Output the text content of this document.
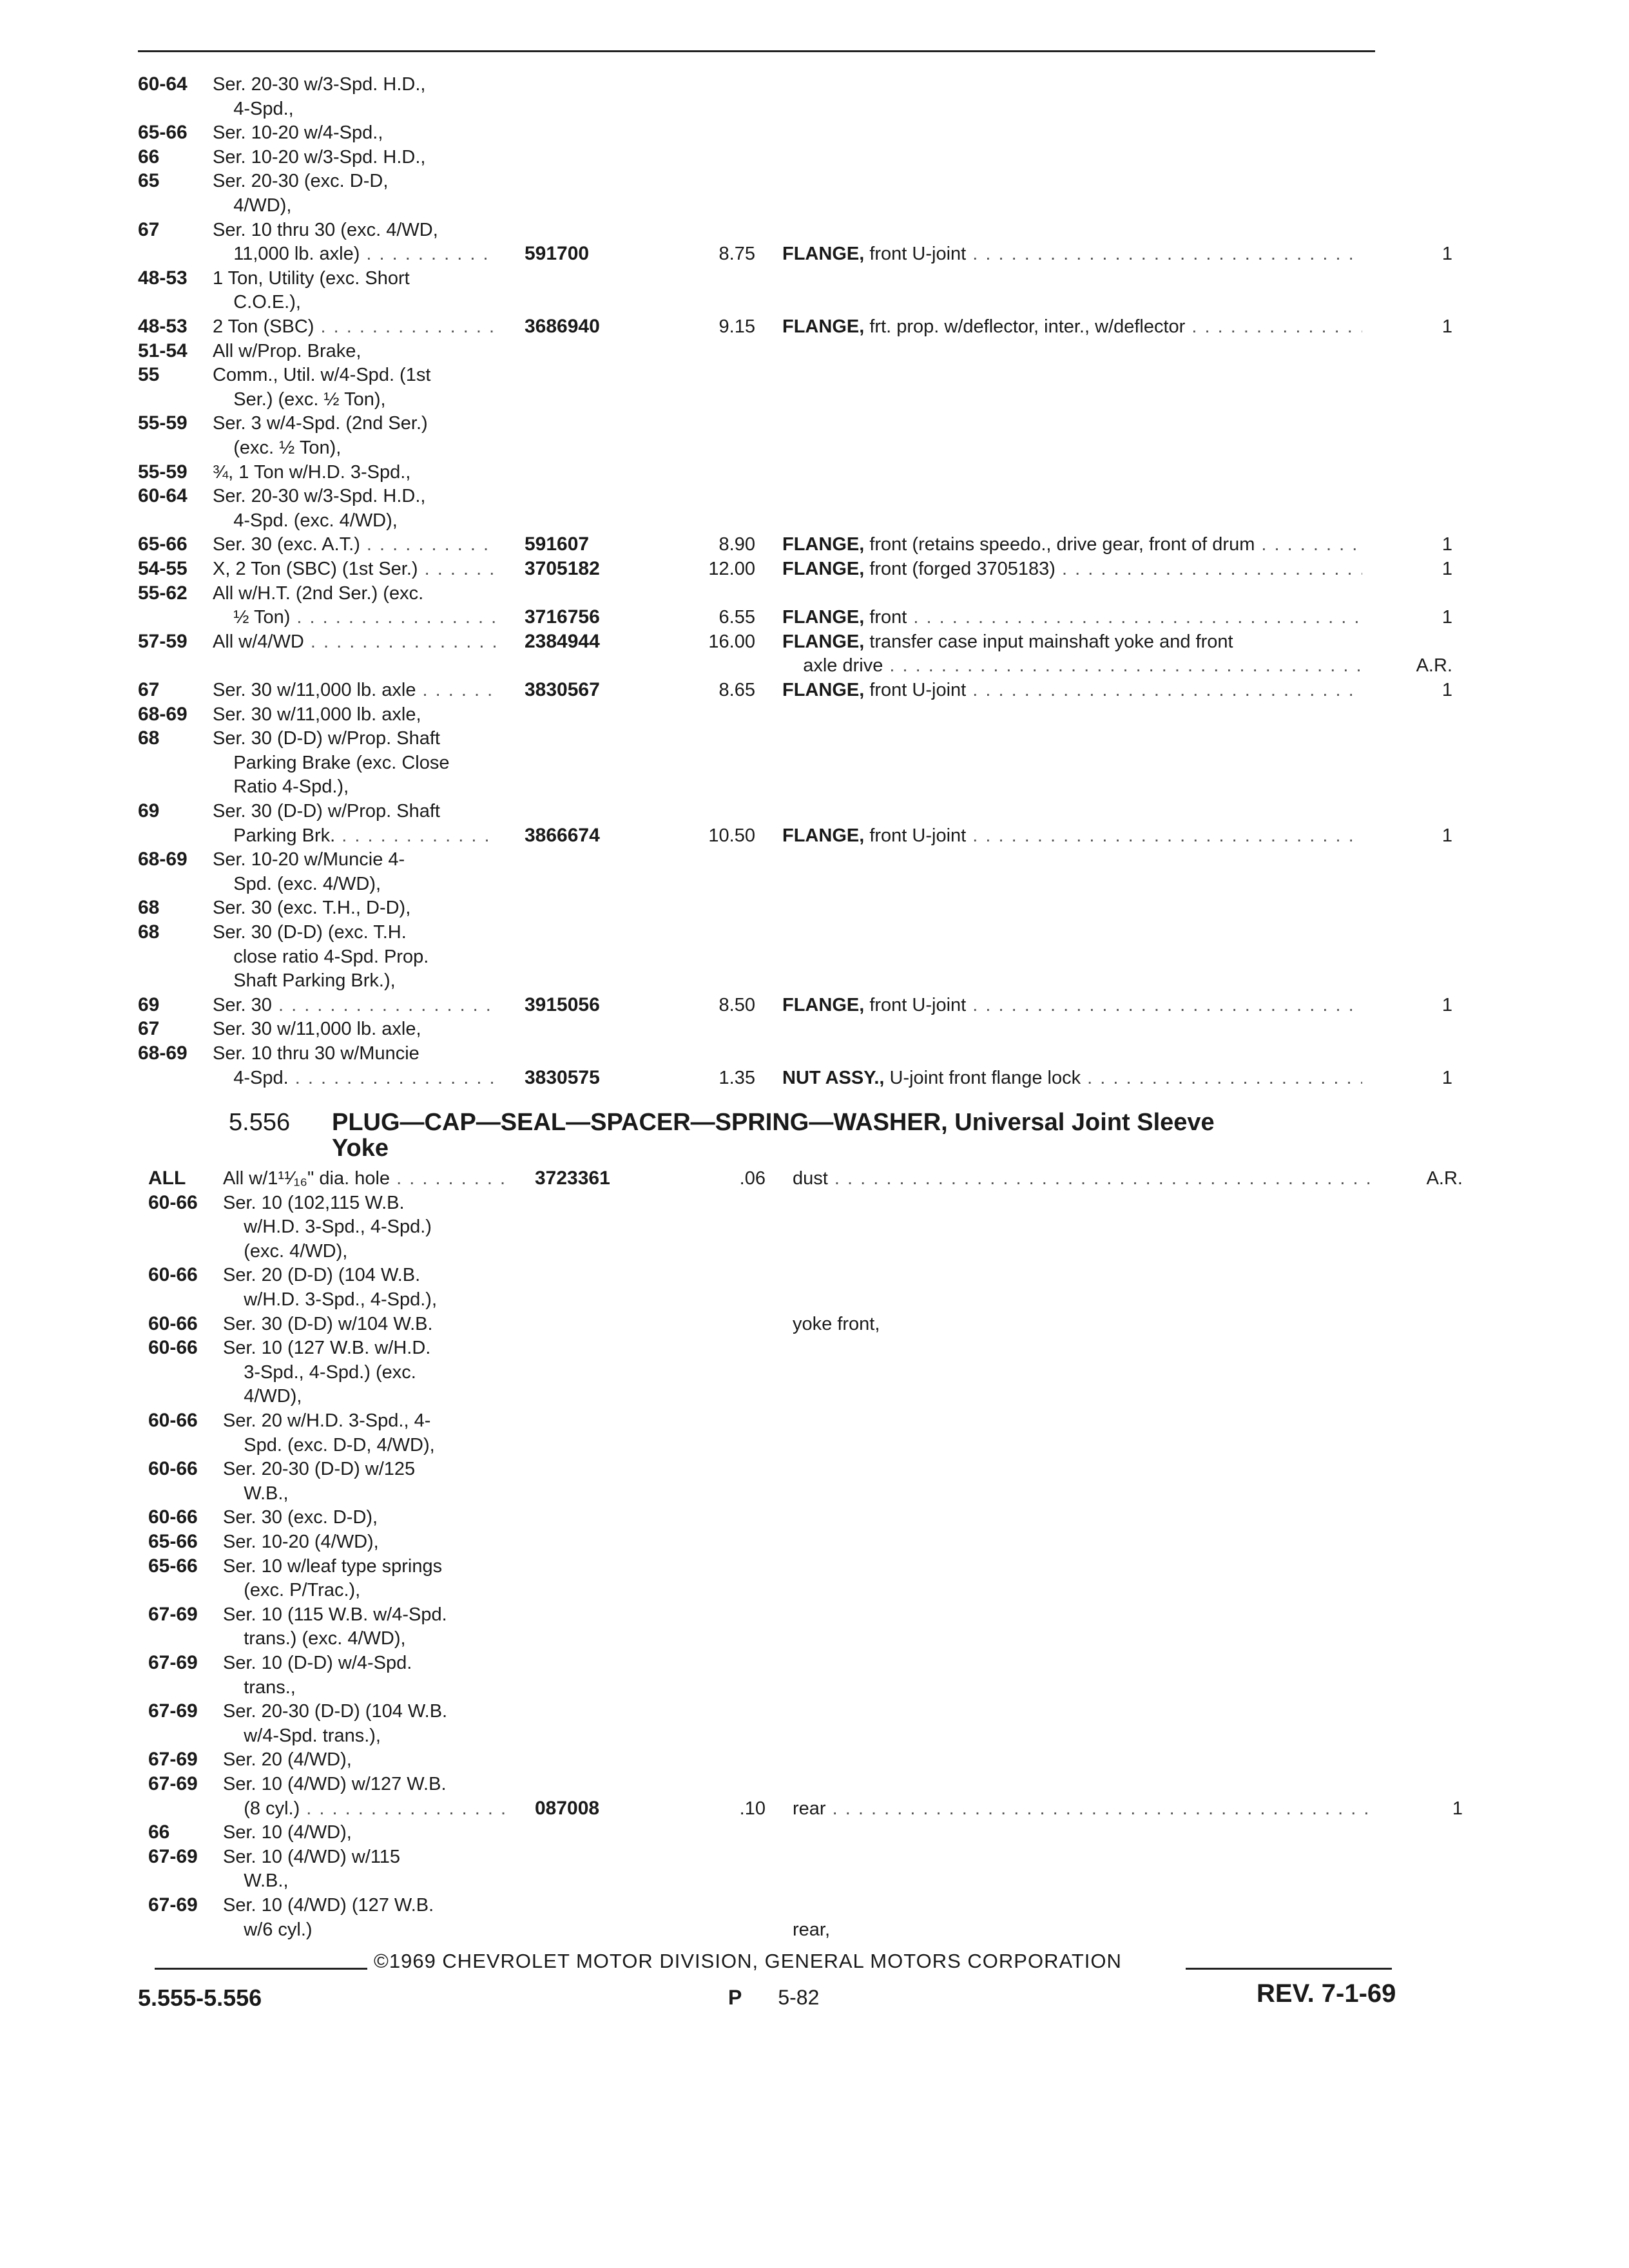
60-64 Ser. 20-30 w/3-Spd. H.D.,
4-Spd.,
65-66 Ser. 10-20 w/4-Spd.,
66	Ser. 10-20 w/3-Spd. H.D.,
65	Ser. 20-30 (exc. D-D,
4/WD),
67	Ser. 10 thru 30 (exc. 4/WD,
11,000 lb. axle) . . .	591700	8.75 FLANGE, front U-joint . . .	1
48-53 1 Ton, Utility (exc. Short
C.O.E.),
48-53 2 Ton (SBC) . . .	3686940	9.15 FLANGE, frt. prop. w/deflector, inter., w/deflector . . .	1
51-54 All w/Prop. Brake,
55	Comm., Util. w/4-Spd. (1st
Ser.) (exc. ½ Ton),
55-59 Ser. 3 w/4-Spd. (2nd Ser.)
(exc. ½ Ton),
55-59 ¾, 1 Ton w/H.D. 3-Spd.,
60-64 Ser. 20-30 w/3-Spd. H.D.,
4-Spd. (exc. 4/WD),
65-66 Ser. 30 (exc. A.T.) . . .	591607	8.90 FLANGE, front (retains speedo., drive gear, front of drum . . .	1
54-55 X, 2 Ton (SBC) (1st Ser.) . . .	3705182	12.00 FLANGE, front (forged 3705183) . . .	1
55-62 All w/H.T. (2nd Ser.) (exc.
½ Ton) . . .	3716756	6.55 FLANGE, front . . .	1
57-59 All w/4/WD . . .	2384944	16.00 FLANGE, transfer case input mainshaft yoke and front
axle drive . . .	A.R.
67	Ser. 30 w/11,000 lb. axle . . .	3830567	8.65 FLANGE, front U-joint . . .	1
68-69 Ser. 30 w/11,000 lb. axle,
68	Ser. 30 (D-D) w/Prop. Shaft
Parking Brake (exc. Close
Ratio 4-Spd.),
69	Ser. 30 (D-D) w/Prop. Shaft
Parking Brk. . . .	3866674	10.50 FLANGE, front U-joint . . .	1
68-69 Ser. 10-20 w/Muncie 4-
Spd. (exc. 4/WD),
68	Ser. 30 (exc. T.H., D-D),
68	Ser. 30 (D-D) (exc. T.H.
close ratio 4-Spd. Prop.
Shaft Parking Brk.),
69	Ser. 30 . . .	3915056	8.50 FLANGE, front U-joint . . .	1
67	Ser. 30 w/11,000 lb. axle,
68-69 Ser. 10 thru 30 w/Muncie
4-Spd. . . .	3830575	1.35 NUT ASSY., U-joint front flange lock . . .	1
5.556 PLUG—CAP—SEAL—SPACER—SPRING—WASHER, Universal Joint Sleeve
Yoke
ALL All w/1¹¹⁄₁₆" dia. hole . . .	3723361	.06 dust . . .	A.R.
60-66 Ser. 10 (102,115 W.B.
w/H.D. 3-Spd., 4-Spd.)
(exc. 4/WD),
60-66 Ser. 20 (D-D) (104 W.B.
w/H.D. 3-Spd., 4-Spd.),
60-66 Ser. 30 (D-D) w/104 W.B.	yoke front,
60-66 Ser. 10 (127 W.B. w/H.D.
3-Spd., 4-Spd.) (exc.
4/WD),
60-66 Ser. 20 w/H.D. 3-Spd., 4-
Spd. (exc. D-D, 4/WD),
60-66 Ser. 20-30 (D-D) w/125
W.B.,
60-66 Ser. 30 (exc. D-D),
65-66 Ser. 10-20 (4/WD),
65-66 Ser. 10 w/leaf type springs
(exc. P/Trac.),
67-69 Ser. 10 (115 W.B. w/4-Spd.
trans.) (exc. 4/WD),
67-69 Ser. 10 (D-D) w/4-Spd.
trans.,
67-69 Ser. 20-30 (D-D) (104 W.B.
w/4-Spd. trans.),
67-69 Ser. 20 (4/WD),
67-69 Ser. 10 (4/WD) w/127 W.B.
(8 cyl.) . . .	087008	.10 rear . . .	1
66	Ser. 10 (4/WD),
67-69 Ser. 10 (4/WD) w/115
W.B.,
67-69 Ser. 10 (4/WD) (127 W.B.
w/6 cyl.)	rear,
©1969 CHEVROLET MOTOR DIVISION, GENERAL MOTORS CORPORATION
5.555-5.556	P 5-82	REV. 7-1-69
